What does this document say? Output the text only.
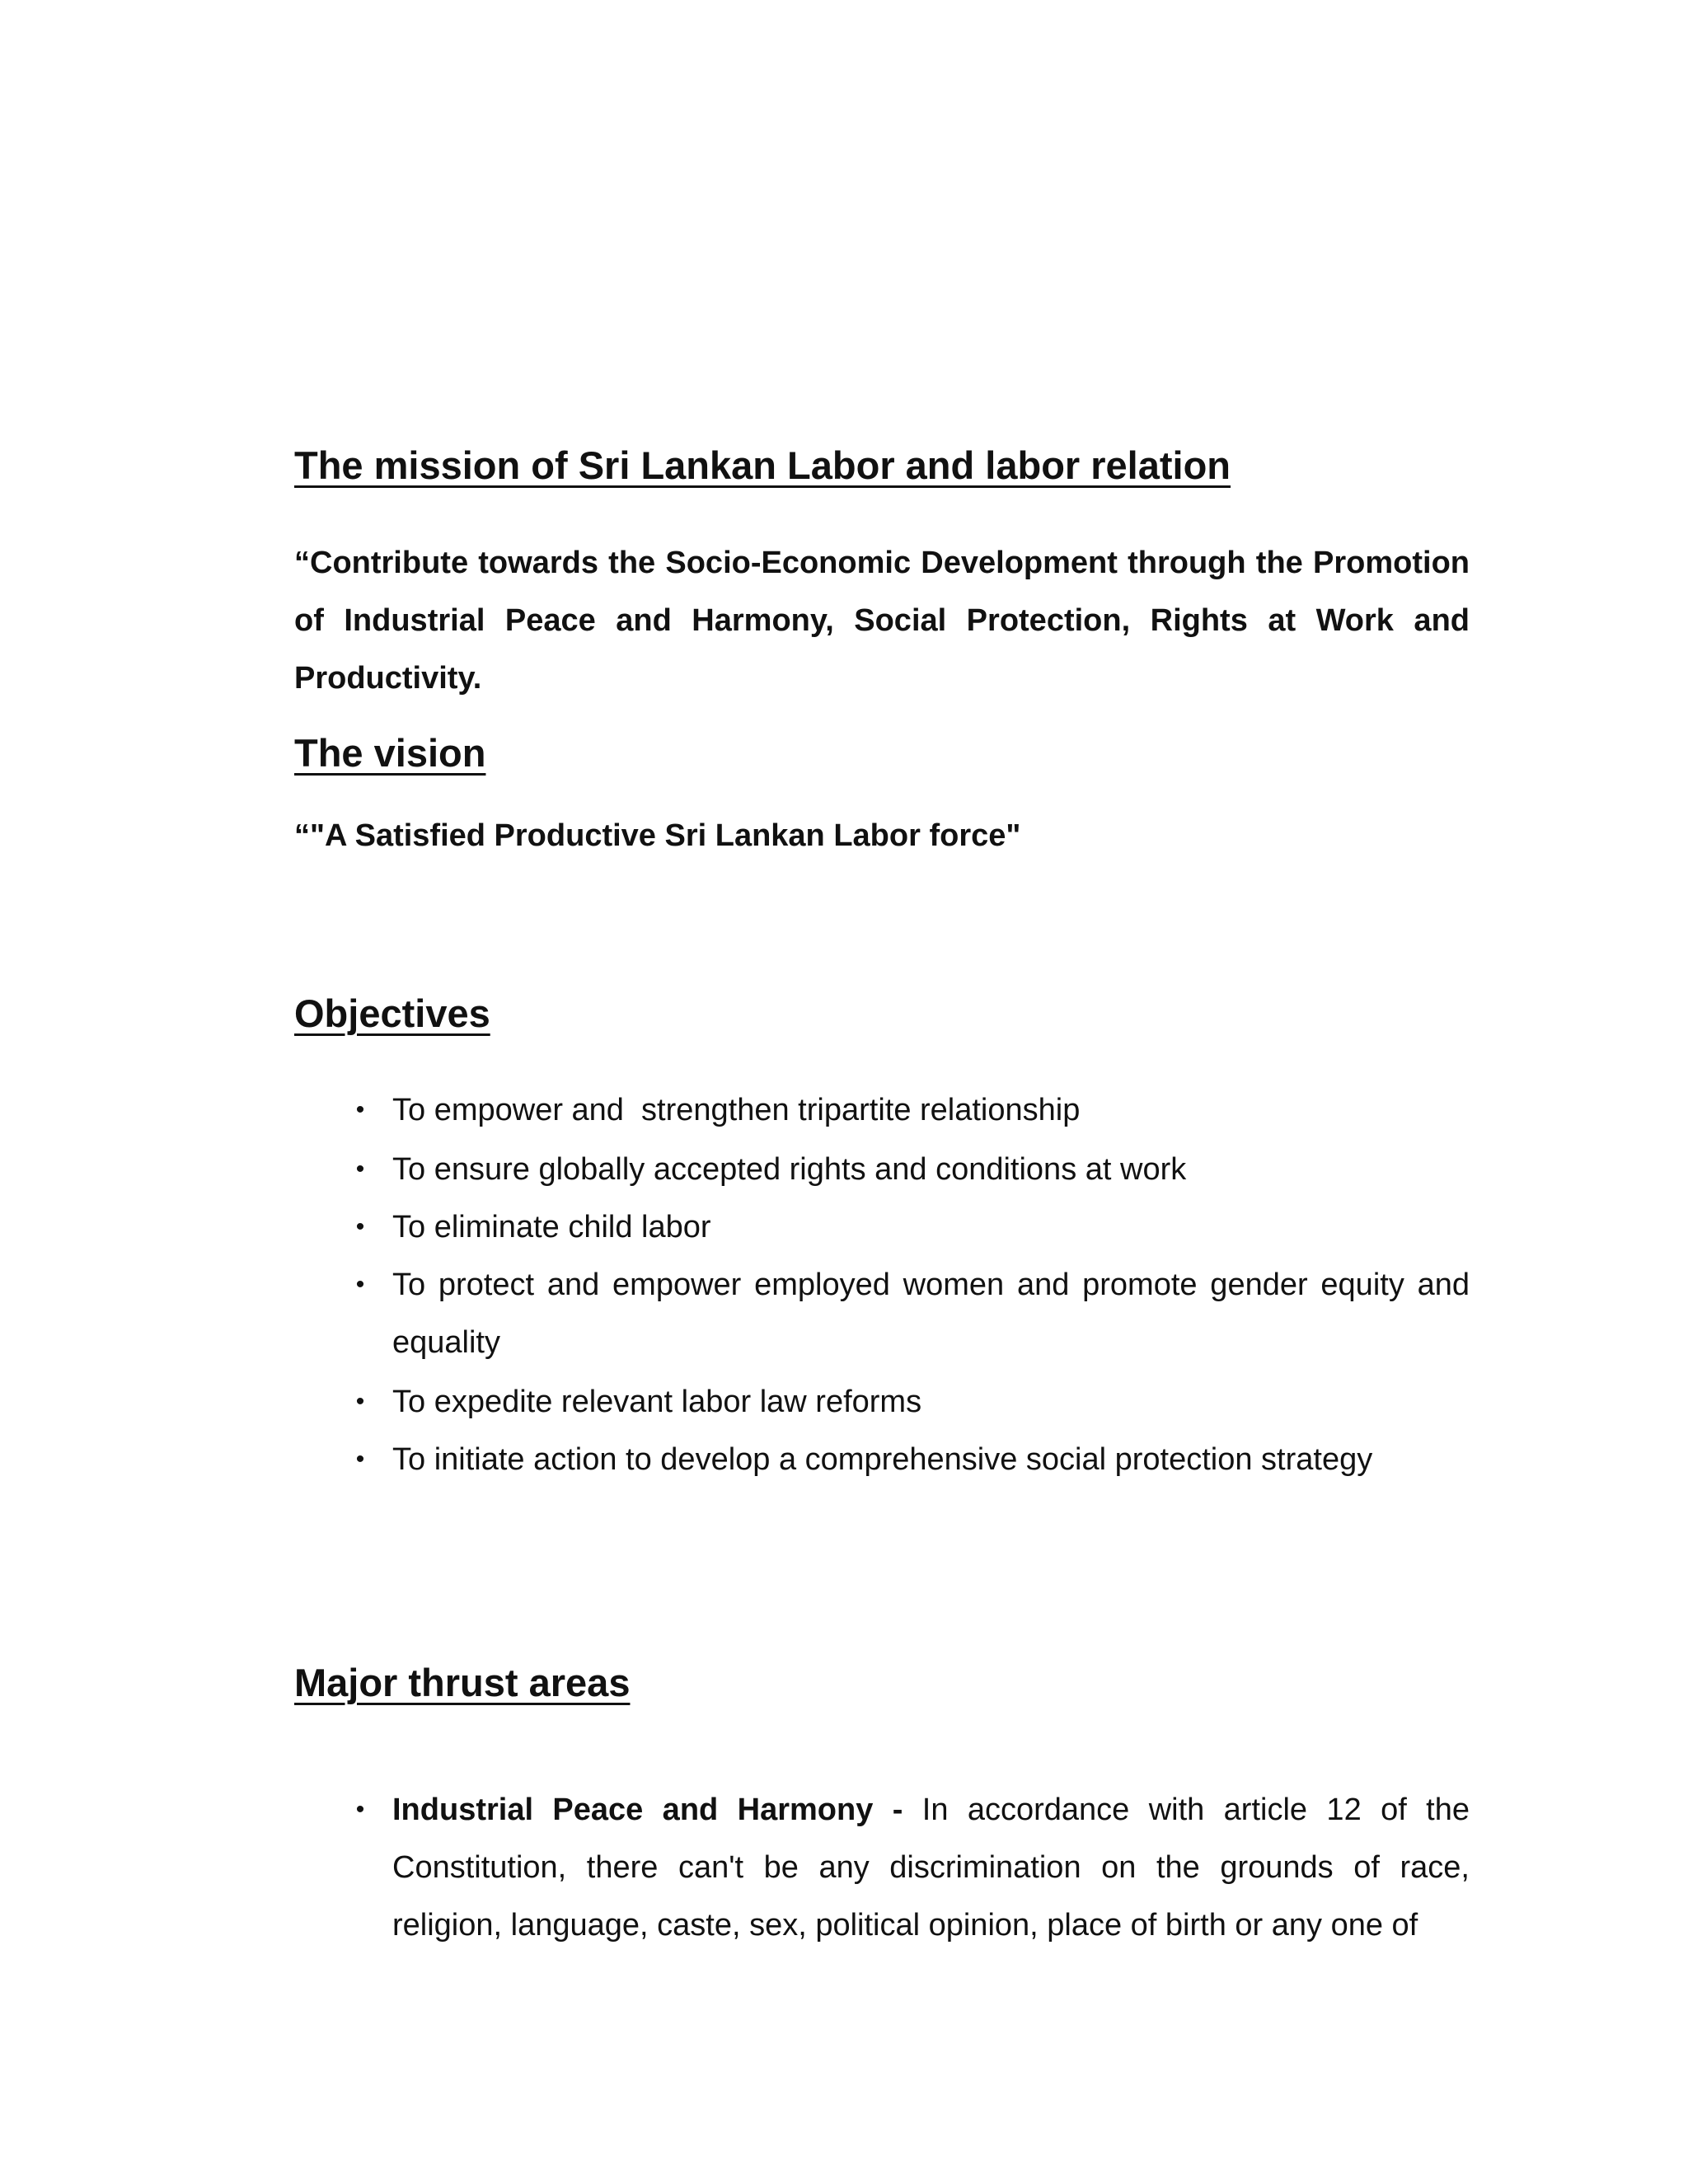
The mission of Sri Lankan Labor and labor relation

“Contribute towards the Socio-Economic Development through the Promotion of Industrial Peace and Harmony, Social Protection, Rights at Work and Productivity.

The vision

“"A Satisfied Productive Sri Lankan Labor force"

Objectives
• To empower and  strengthen tripartite relationship
• To ensure globally accepted rights and conditions at work
• To eliminate child labor
• To protect and empower employed women and promote gender equity and equality
• To expedite relevant labor law reforms
• To initiate action to develop a comprehensive social protection strategy
Major thrust areas
• Industrial Peace and Harmony - In accordance with article 12 of the Constitution, there can't be any discrimination on the grounds of race, religion, language, caste, sex, political opinion, place of birth or any one of
